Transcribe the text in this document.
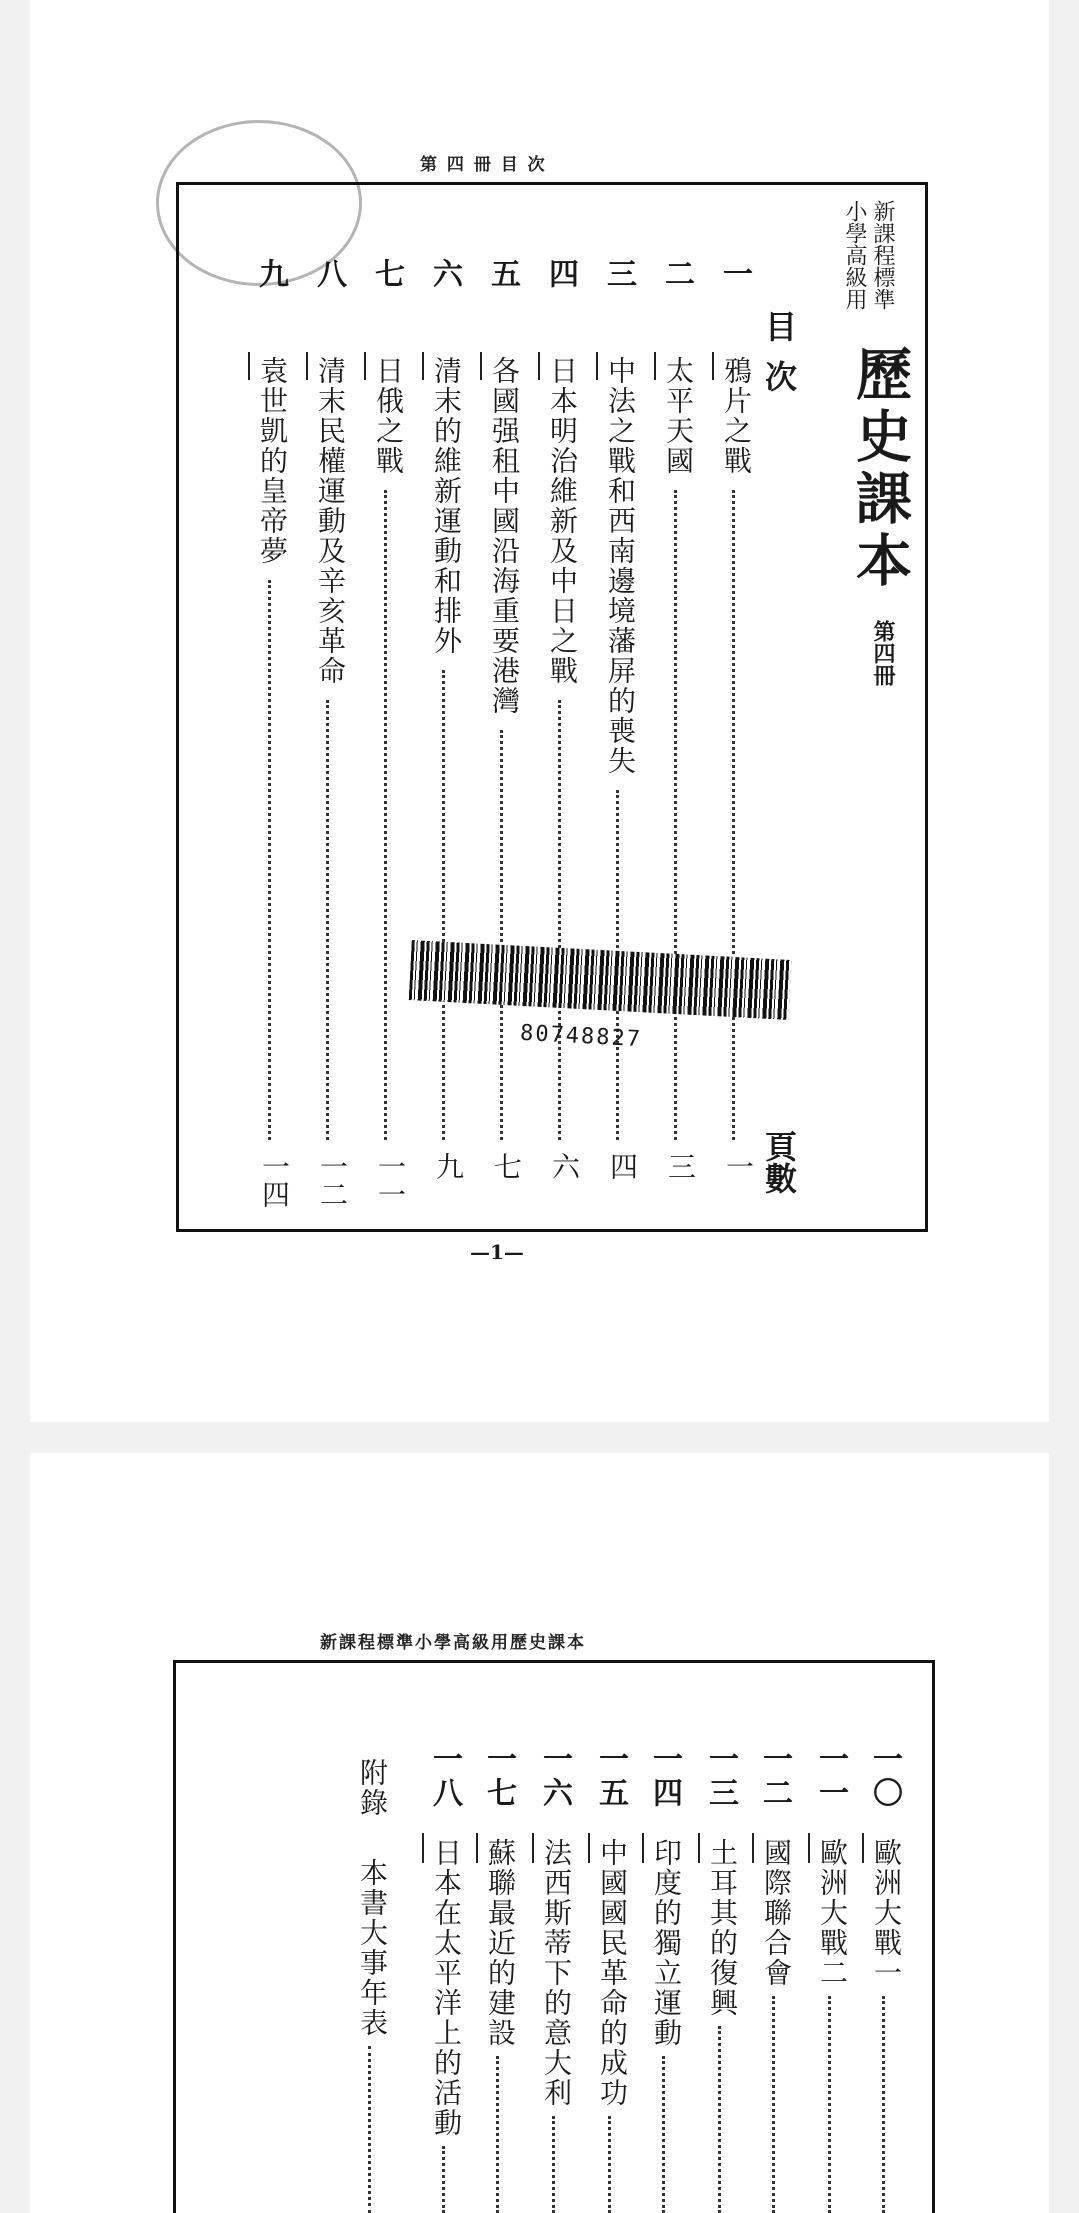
第 四 冊 目 次
新課程標準
小學高級用
歷史課本
第四冊
目次
頁數
一
鴉片之戰
一
二
太平天國
三
三
中法之戰和西南邊境藩屏的喪失
四
四
日本明治維新及中日之戰
六
五
各國强租中國沿海重要港灣
七
六
清末的維新運動和排外
九
七
日俄之戰
一一
八
清末民權運動及辛亥革命
一二
九
袁世凱的皇帝夢
一四
80748827
—1—
新課程標準小學高級用歷史課本
一〇
歐洲大戰一
一一
歐洲大戰二
一二
國際聯合會
一三
土耳其的復興
一四
印度的獨立運動
一五
中國國民革命的成功
一六
法西斯蒂下的意大利
一七
蘇聯最近的建設
一八
日本在太平洋上的活動
附錄
本書大事年表
